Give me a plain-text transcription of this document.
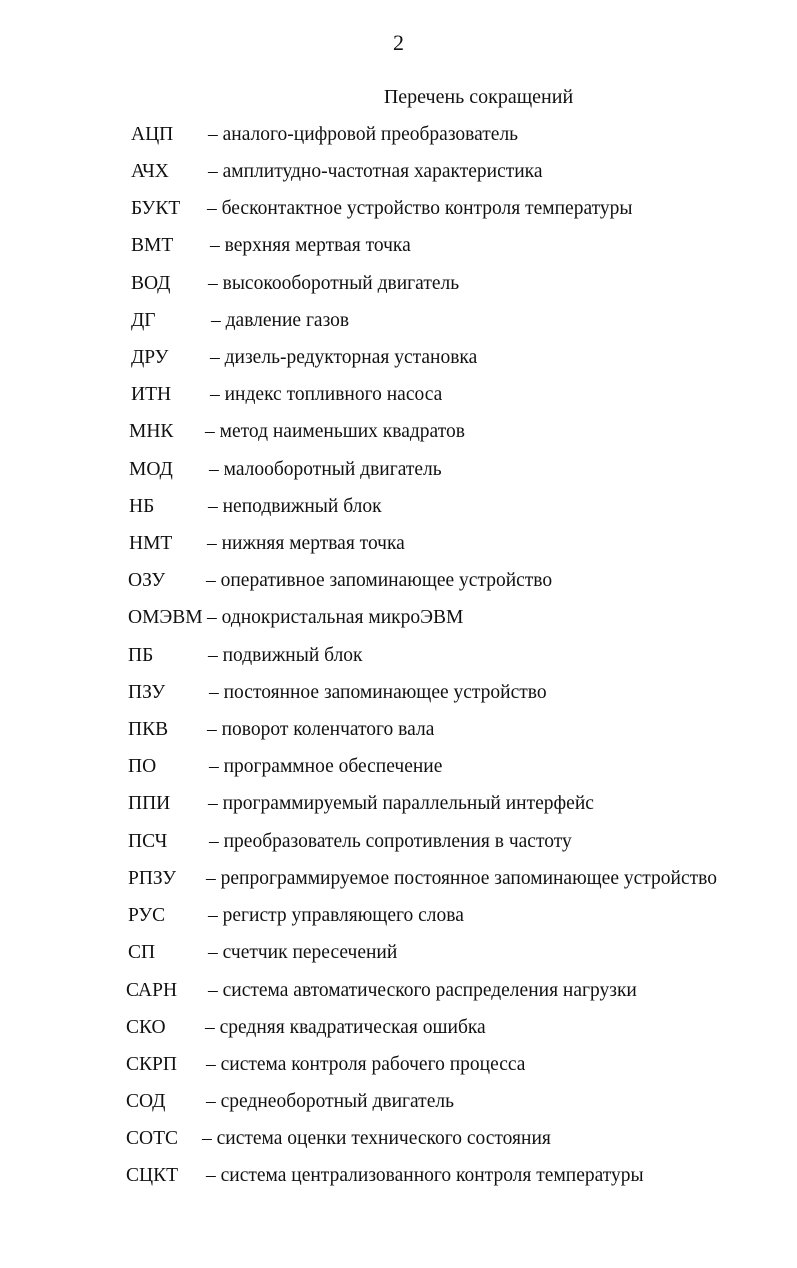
2
Перечень сокращений
АЦП – аналого-цифровой преобразователь
АЧХ – амплитудно-частотная характеристика
БУКТ – бесконтактное устройство контроля температуры
ВМТ – верхняя мертвая точка
ВОД – высокооборотный двигатель
ДГ	– давление газов
ДРУ – дизель-редукторная установка
ИТН – индекс топливного насоса
МНК – метод наименьших квадратов
МОД – малооборотный двигатель
НБ	– неподвижный блок
НМТ – нижняя мертвая точка
ОЗУ – оперативное запоминающее устройство
ОМЭВМ – однокристальная микроЭВМ
ПБ	– подвижный блок
ПЗУ – постоянное запоминающее устройство
ПКВ – поворот коленчатого вала
ПО	– программное обеспечение
ППИ – программируемый параллельный интерфейс
ПСЧ – преобразователь сопротивления в частоту
РПЗУ – репрограммируемое постоянное запоминающее устройство
РУС – регистр управляющего слова
СП	– счетчик пересечений
САРН – система автоматического распределения нагрузки
СКО – средняя квадратическая ошибка
СКРП – система контроля рабочего процесса
СОД – среднеоборотный двигатель
СОТС – система оценки технического состояния
СЦКТ – система централизованного контроля температуры
